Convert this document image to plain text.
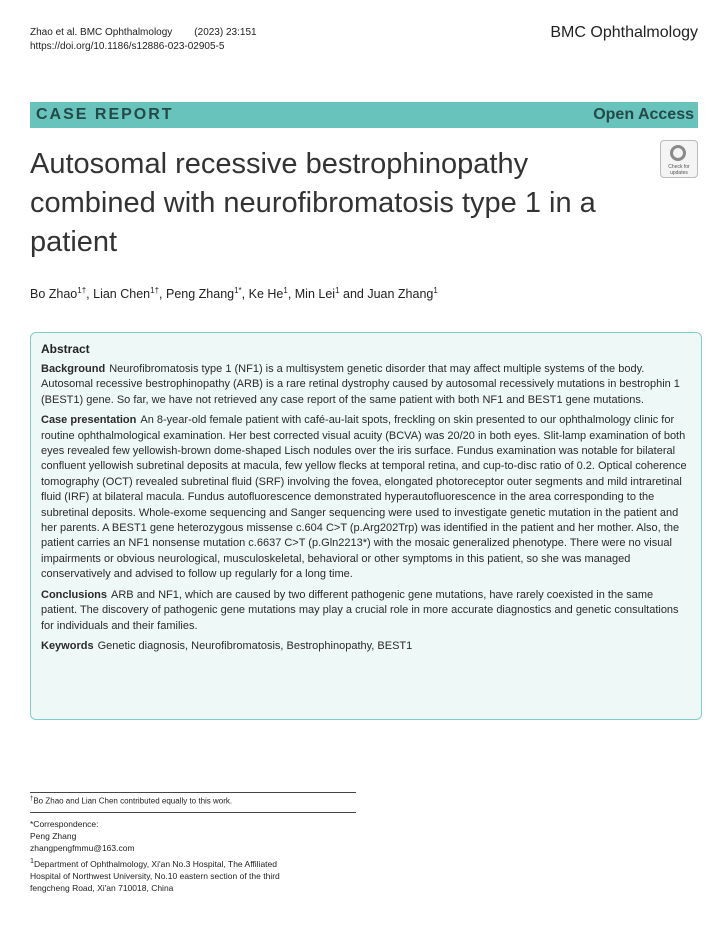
Zhao et al. BMC Ophthalmology (2023) 23:151
https://doi.org/10.1186/s12886-023-02905-5
BMC Ophthalmology
CASE REPORT	Open Access
Check for updates
Autosomal recessive bestrophinopathy combined with neurofibromatosis type 1 in a patient
Bo Zhao$^{1\dagger}$, Lian Chen$^{1\dagger}$, Peng Zhang$^{1*}$, Ke He$^1$, Min Lei$^1$ and Juan Zhang$^1$
Abstract

Background Neurofibromatosis type 1 (NF1) is a multisystem genetic disorder that may affect multiple systems of the body. Autosomal recessive bestrophinopathy (ARB) is a rare retinal dystrophy caused by autosomal recessively mutations in bestrophin 1 (BEST1) gene. So far, we have not retrieved any case report of the same patient with both NF1 and BEST1 gene mutations.

Case presentation An 8-year-old female patient with café-au-lait spots, freckling on skin presented to our ophthalmology clinic for routine ophthalmological examination. Her best corrected visual acuity (BCVA) was 20/20 in both eyes. Slit-lamp examination of both eyes revealed few yellowish-brown dome-shaped Lisch nodules over the iris surface. Fundus examination was notable for bilateral confluent yellowish subretinal deposits at macula, few yellow flecks at temporal retina, and cup-to-disc ratio of 0.2. Optical coherence tomography (OCT) revealed subretinal fluid (SRF) involving the fovea, elongated photoreceptor outer segments and mild intraretinal fluid (IRF) at bilateral macula. Fundus autofluorescence demonstrated hyperautofluorescence in the area corresponding to the subretinal deposits. Whole-exome sequencing and Sanger sequencing were used to investigate genetic mutation in the patient and her parents. A BEST1 gene heterozygous missense c.604 C>T (p.Arg202Trp) was identified in the patient and her mother. Also, the patient carries an NF1 nonsense mutation c.6637 C>T (p.Gln2213*) with the mosaic generalized phenotype. There were no visual impairments or obvious neurological, musculoskeletal, behavioral or other symptoms in this patient, so she was managed conservatively and advised to follow up regularly for a long time.

Conclusions ARB and NF1, which are caused by two different pathogenic gene mutations, have rarely coexisted in the same patient. The discovery of pathogenic gene mutations may play a crucial role in more accurate diagnostics and genetic consultations for individuals and their families.

Keywords Genetic diagnosis, Neurofibromatosis, Bestrophinopathy, BEST1

†Bo Zhao and Lian Chen contributed equally to this work.
*Correspondence:
Peng Zhang
zhangpengfmmu@163.com
$^1$Department of Ophthalmology, Xi'an No.3 Hospital, The Affiliated
Hospital of Northwest University, No.10 eastern section of the third
fengcheng Road, Xi'an 710018, China
